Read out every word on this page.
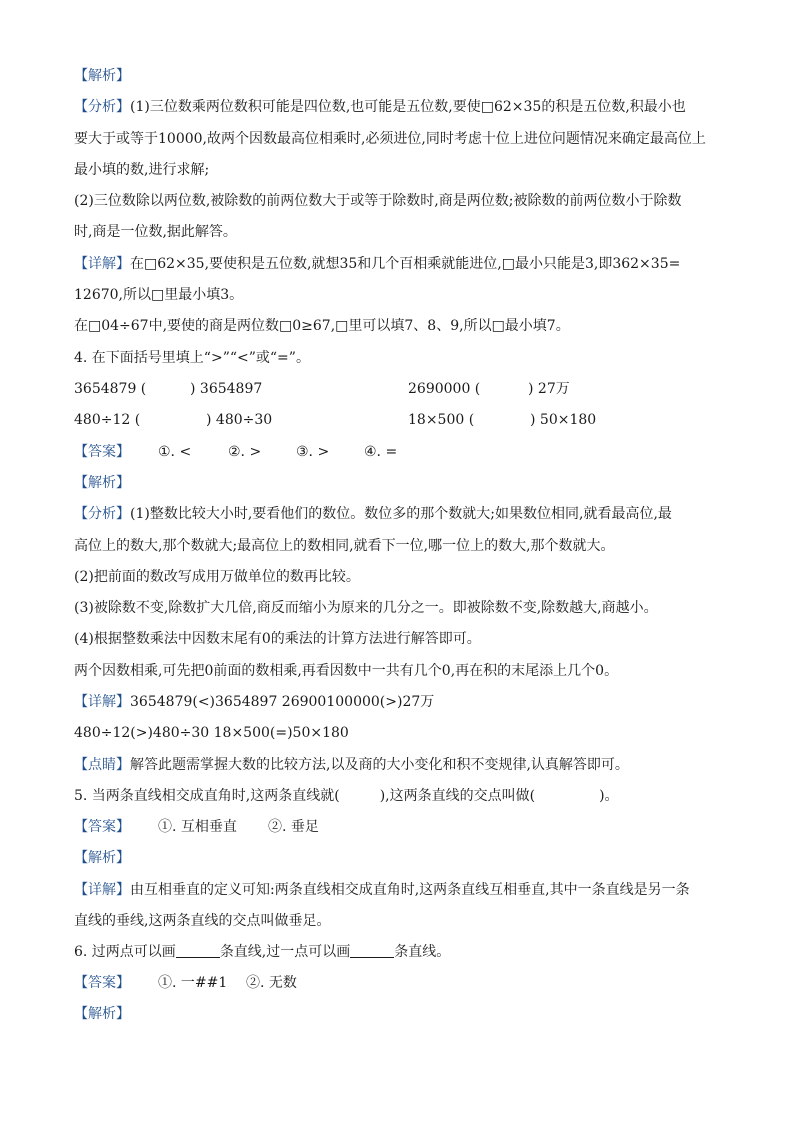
【解析】
【分析】(1)三位数乘两位数积可能是四位数,也可能是五位数,要使□62×35的积是五位数,积最小也
要大于或等于10000,故两个因数最高位相乘时,必须进位,同时考虑十位上进位问题情况来确定最高位上
最小填的数,进行求解;
(2)三位数除以两位数,被除数的前两位数大于或等于除数时,商是两位数;被除数的前两位数小于除数
时,商是一位数,据此解答。
【详解】在□62×35,要使积是五位数,就想35和几个百相乘就能进位,□最小只能是3,即362×35=
12670,所以□里最小填3。
在□04÷67中,要使的商是两位数□0≥67,□里可以填7、8、9,所以□最小填7。
4. 在下面括号里填上“>”“<”或“=”。
3654879 (	) 3654897	2690000 (	) 27万
480÷12 (	) 480÷30	18×500 (	) 50×180
【答案】 ①. <	②. > ③. > ④. =
【解析】
【分析】(1)整数比较大小时,要看他们的数位。数位多的那个数就大;如果数位相同,就看最高位,最
高位上的数大,那个数就大;最高位上的数相同,就看下一位,哪一位上的数大,那个数就大。
(2)把前面的数改写成用万做单位的数再比较。
(3)被除数不变,除数扩大几倍,商反而缩小为原来的几分之一。即被除数不变,除数越大,商越小。
(4)根据整数乘法中因数末尾有0的乘法的计算方法进行解答即可。
两个因数相乘,可先把0前面的数相乘,再看因数中一共有几个0,再在积的末尾添上几个0。
【详解】3654879(<)3654897 26900100000(>)27万
480÷12(>)480÷30 18×500(=)50×180
【点睛】解答此题需掌握大数的比较方法,以及商的大小变化和积不变规律,认真解答即可。
5. 当两条直线相交成直角时,这两条直线就(	),这两条直线的交点叫做(	)。
【答案】 ①. 互相垂直 ②. 垂足
【解析】
【详解】由互相垂直的定义可知:两条直线相交成直角时,这两条直线互相垂直,其中一条直线是另一条
直线的垂线,这两条直线的交点叫做垂足。
6. 过两点可以画	条直线,过一点可以画	条直线。
【答案】 ①. 一##1 ②. 无数
【解析】
